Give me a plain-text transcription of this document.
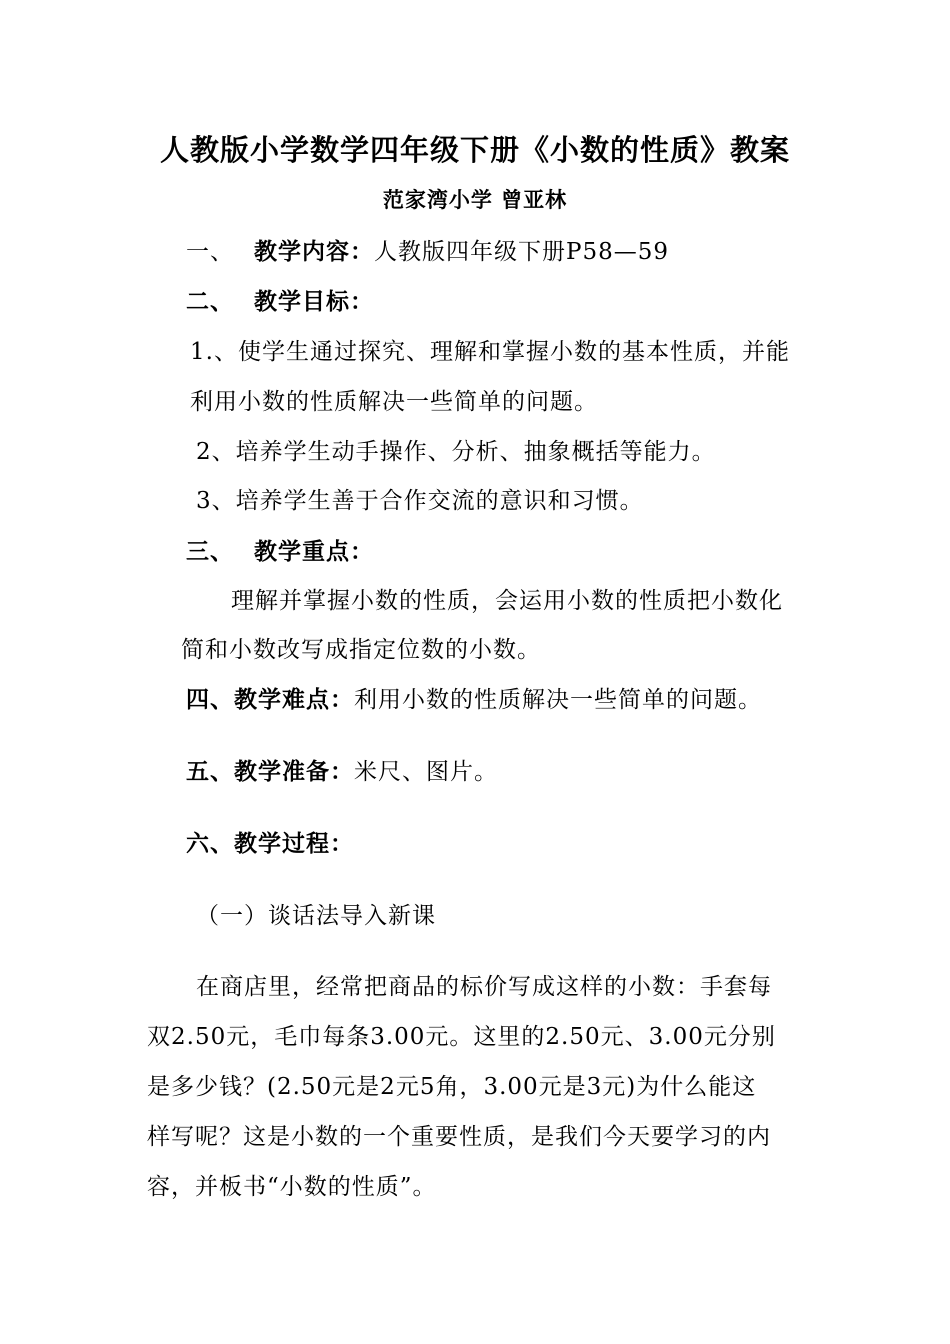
人教版小学数学四年级下册《小数的性质》教案
范家湾小学 曾亚林
一、 教学内容：人教版四年级下册P58—59
二、 教学目标：
1.、使学生通过探究、理解和掌握小数的基本性质，并能
利用小数的性质解决一些简单的问题。
2、培养学生动手操作、分析、抽象概括等能力。
3、培养学生善于合作交流的意识和习惯。
三、 教学重点：
理解并掌握小数的性质，会运用小数的性质把小数化
简和小数改写成指定位数的小数。
四、教学难点：利用小数的性质解决一些简单的问题。
五、教学准备：米尺、图片。
六、教学过程：
（一）谈话法导入新课
在商店里，经常把商品的标价写成这样的小数：手套每
双2.50元，毛巾每条3.00元。这里的2.50元、3.00元分别
是多少钱？(2.50元是2元5角，3.00元是3元)为什么能这
样写呢？这是小数的一个重要性质，是我们今天要学习的内
容，并板书“小数的性质”。
